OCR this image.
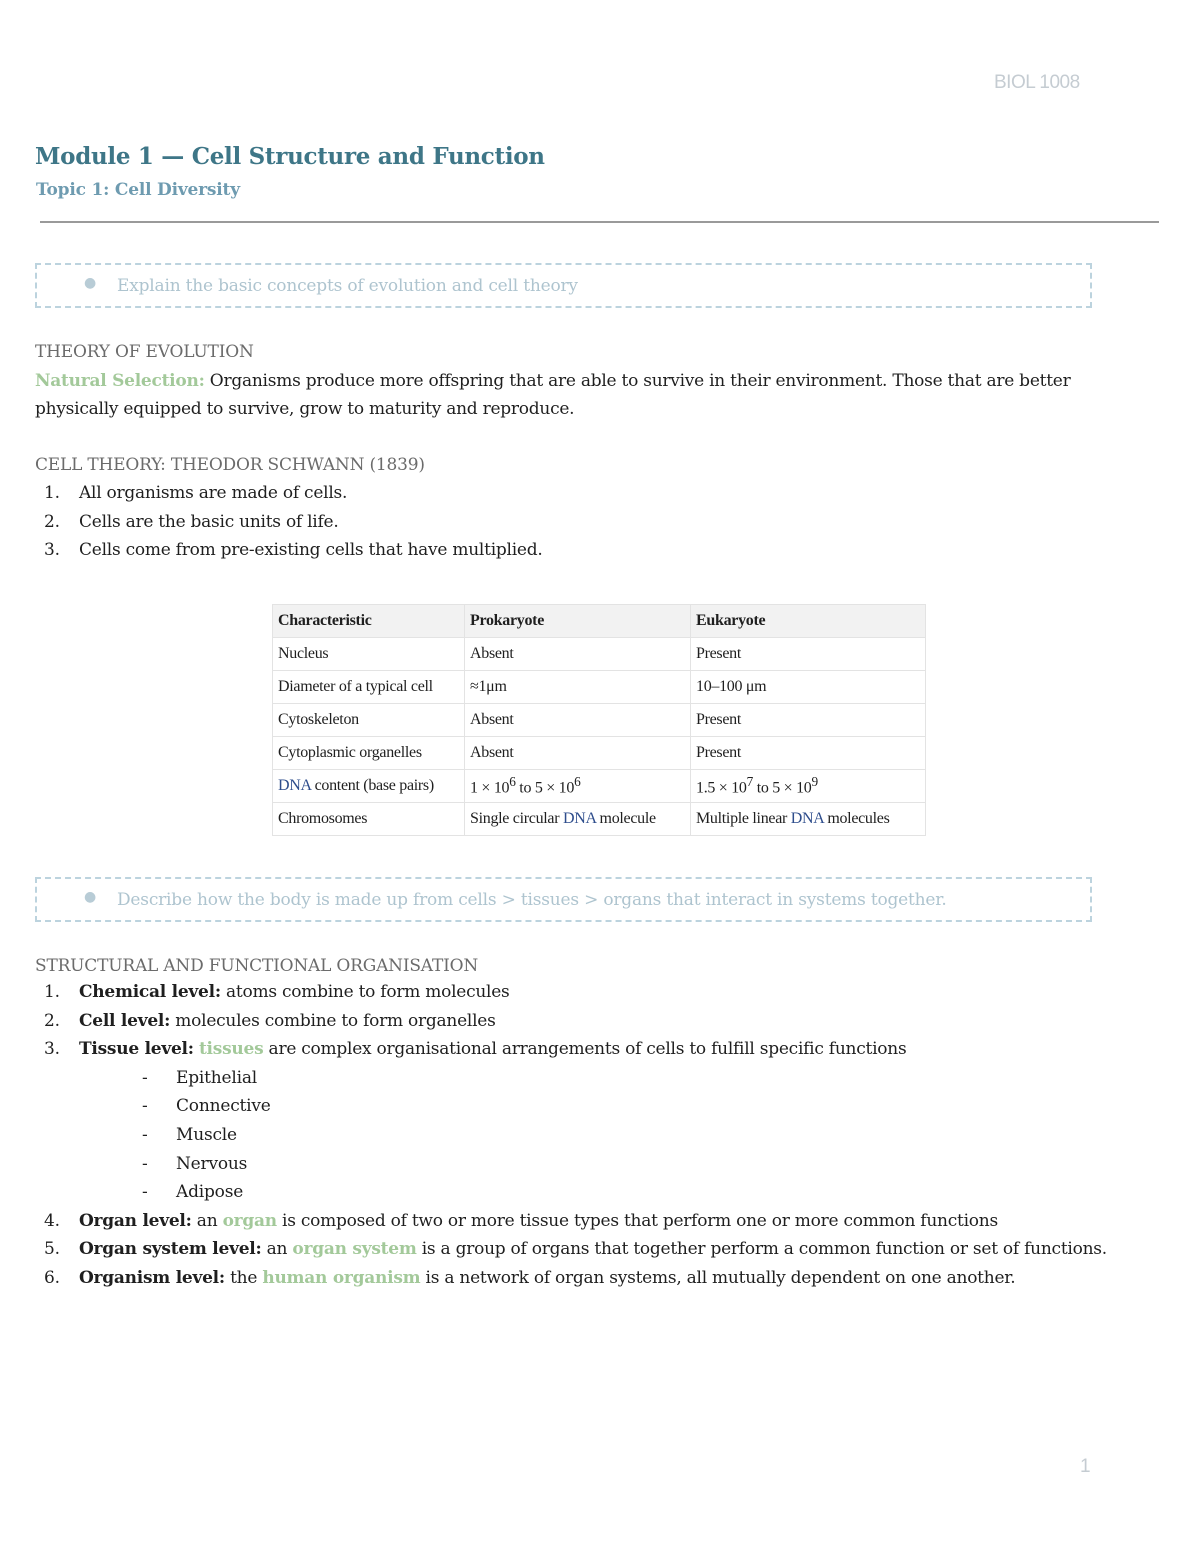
BIOL 1008
Module 1 — Cell Structure and Function
Topic 1: Cell Diversity
● Explain the basic concepts of evolution and cell theory
THEORY OF EVOLUTION

Natural Selection: Organisms produce more offspring that are able to survive in their environment. Those that are better physically equipped to survive, grow to maturity and reproduce.

CELL THEORY: THEODOR SCHWANN (1839)
1. All organisms are made of cells.
2. Cells are the basic units of life.
3. Cells come from pre-existing cells that have multiplied.
Characteristic	Prokaryote	Eukaryote
Nucleus	Absent	Present
Diameter of a typical cell	≈1μm	10–100 μm
Cytoskeleton	Absent	Present
Cytoplasmic organelles	Absent	Present
DNA content (base pairs)	$1 \times 10^6$ to $5 \times 10^6$	$1.5 \times 10^7$ to $5 \times 10^9$
Chromosomes	Single circular DNA molecule	Multiple linear DNA molecules
● Describe how the body is made up from cells > tissues > organs that interact in systems together.
STRUCTURAL AND FUNCTIONAL ORGANISATION
1. Chemical level: atoms combine to form molecules
2. Cell level: molecules combine to form organelles
3. Tissue level: tissues are complex organisational arrangements of cells to fulfill specific functions
- Epithelial
- Connective
- Muscle
- Nervous
- Adipose
4. Organ level: an organ is composed of two or more tissue types that perform one or more common functions
5. Organ system level: an organ system is a group of organs that together perform a common function or set of functions.
6. Organism level: the human organism is a network of organ systems, all mutually dependent on one another.
1
